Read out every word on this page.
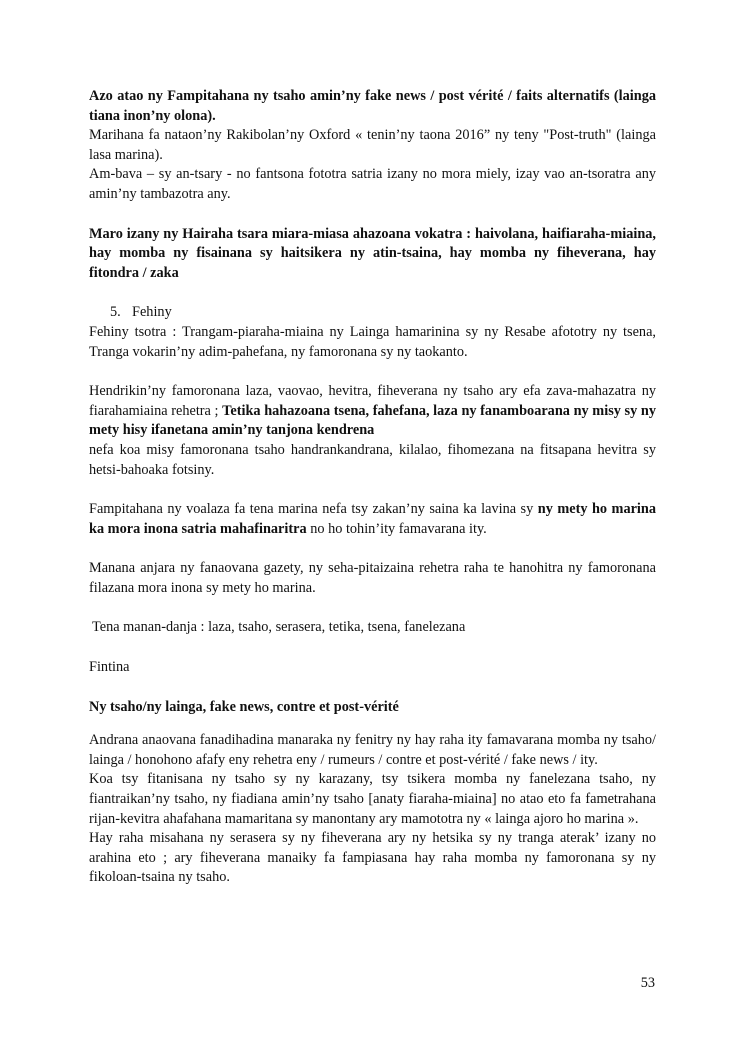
Azo atao ny Fampitahana ny tsaho amin’ny fake news / post vérité / faits alternatifs (lainga tiana inon’ny olona).
Marihana fa nataon’ny Rakibolan’ny Oxford « tenin’ny taona 2016” ny teny "Post-truth" (lainga lasa marina).
Am-bava – sy an-tsary - no fantsona fototra satria izany no mora miely, izay vao an-tsoratra any amin’ny tambazotra any.

Maro izany ny Hairaha tsara miara-miasa ahazoana vokatra : haivolana, haifiaraha-miaina, hay momba ny fisainana sy haitsikera ny atin-tsaina, hay momba ny fiheverana, hay fitondra / zaka

5. Fehiny

Fehiny tsotra : Trangam-piaraha-miaina ny Lainga hamarinina sy ny Resabe afototry ny tsena, Tranga vokarin’ny adim-pahefana, ny famoronana sy ny taokanto.

Hendrikin’ny famoronana laza, vaovao, hevitra, fiheverana ny tsaho ary efa zava-mahazatra ny fiarahamiaina rehetra ; Tetika hahazoana tsena, fahefana, laza ny fanamboarana ny misy sy ny mety hisy ifanetana amin’ny tanjona kendrena
nefa koa misy famoronana tsaho handrankandrana, kilalao, fihomezana na fitsapana hevitra sy hetsi-bahoaka fotsiny.

Fampitahana ny voalaza fa tena marina nefa tsy zakan’ny saina ka lavina sy ny mety ho marina ka mora inona satria mahafinaritra no ho tohin’ity famavarana ity.

Manana anjara ny fanaovana gazety, ny seha-pitaizaina rehetra raha te hanohitra ny famoronana filazana mora inona sy mety ho marina.

Tena manan-danja : laza, tsaho, serasera, tetika, tsena, fanelezana

Fintina

Ny tsaho/ny lainga, fake news, contre et post-vérité

Andrana anaovana fanadihadina manaraka ny fenitry ny hay raha ity famavarana momba ny tsaho/ lainga / honohono afafy eny rehetra eny / rumeurs / contre et post-vérité / fake news / ity.
Koa tsy fitanisana ny tsaho sy ny karazany, tsy tsikera momba ny fanelezana tsaho, ny fiantraikan’ny tsaho, ny fiadiana amin’ny tsaho [anaty fiaraha-miaina] no atao eto fa fametrahana rijan-kevitra ahafahana mamaritana sy manontany ary mamototra ny « lainga ajoro ho marina ».
Hay raha misahana ny serasera sy ny fiheverana ary ny hetsika sy ny tranga aterak’ izany no arahina eto ; ary fiheverana manaiky fa fampiasana hay raha momba ny famoronana sy ny fikoloan-tsaina ny tsaho.

53
